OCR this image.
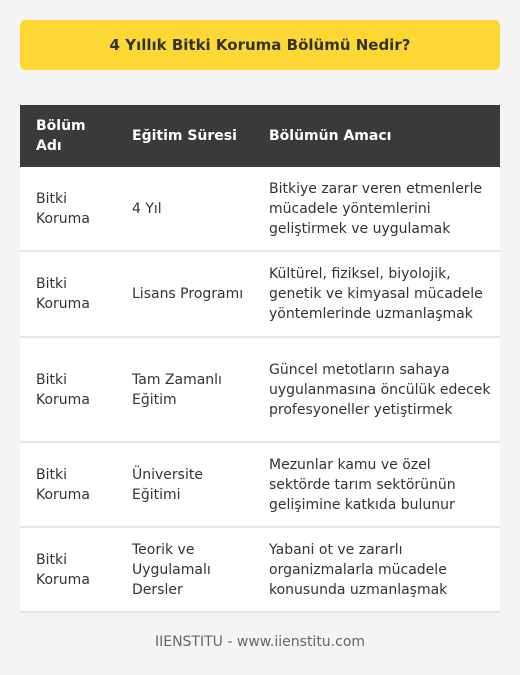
4 Yıllık Bitki Koruma Bölümü Nedir?
Bölüm Adı	Eğitim Süresi	Bölümün Amacı
Bitki Koruma	4 Yıl	Bitkiye zarar veren etmenlerle mücadele yöntemlerini geliştirmek ve uygulamak
Bitki Koruma	Lisans Programı	Kültürel, fiziksel, biyolojik, genetik ve kimyasal mücadele yöntemlerinde uzmanlaşmak
Bitki Koruma	Tam Zamanlı Eğitim	Güncel metotların sahaya uygulanmasına öncülük edecek profesyoneller yetiştirmek
Bitki Koruma	Üniversite Eğitimi	Mezunlar kamu ve özel sektörde tarım sektörünün gelişimine katkıda bulunur
Bitki Koruma	Teorik ve Uygulamalı Dersler	Yabani ot ve zararlı organizmalarla mücadele konusunda uzmanlaşmak
IIENSTITU - www.iienstitu.com
